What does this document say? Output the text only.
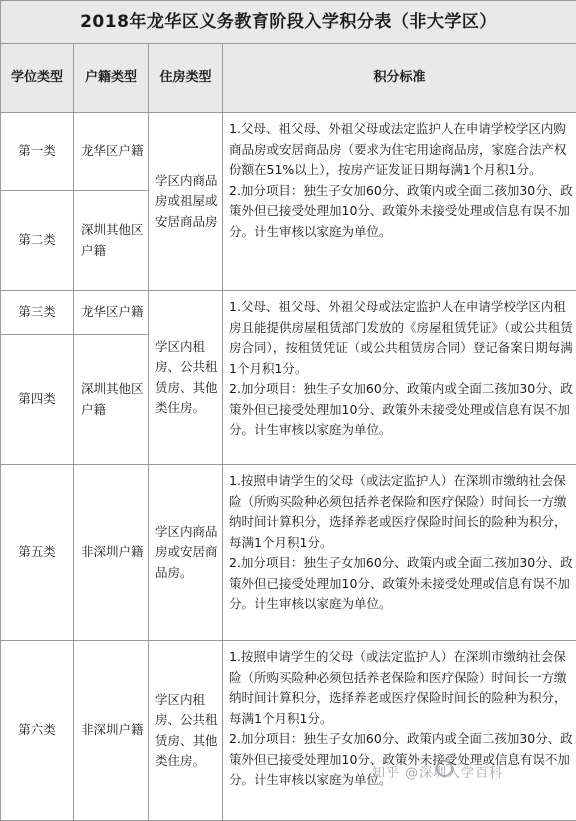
2018年龙华区义务教育阶段入学积分表（非大学区）			
学位类型	户籍类型	住房类型	积分标准
第一类	龙华区户籍	学区内商品房或祖屋或安居商品房	1.父母、祖父母、外祖父母或法定监护人在申请学校学区内购商品房或安居商品房（要求为住宅用途商品房，家庭合法产权份额在51%以上），按房产证发证日期每满1个月积1分。

2.加分项目：独生子女加60分、政策内或全面二孩加30分、政策外但已接受处理加10分、政策外未接受处理或信息有误不加分。计生审核以家庭为单位。

第二类	深圳其他区户籍		
第三类	龙华区户籍	学区内租房、公共租赁房、其他类住房。	1.父母、祖父母、外祖父母或法定监护人在申请学校学区内租房且能提供房屋租赁部门发放的《房屋租赁凭证》（或公共租赁房合同），按租赁凭证（或公共租赁房合同）登记备案日期每满1个月积1分。

2.加分项目：独生子女加60分、政策内或全面二孩加30分、政策外但已接受处理加10分、政策外未接受处理或信息有误不加分。计生审核以家庭为单位。

第四类	深圳其他区户籍		
第五类	非深圳户籍	学区内商品房或安居商品房。	1.按照申请学生的父母（或法定监护人）在深圳市缴纳社会保险（所购买险种必须包括养老保险和医疗保险）时间长一方缴纳时间计算积分，选择养老或医疗保险时间长的险种为积分，每满1个月积1分。

2.加分项目：独生子女加60分、政策内或全面二孩加30分、政策外但已接受处理加10分、政策外未接受处理或信息有误不加分。计生审核以家庭为单位。

第六类	非深圳户籍	学区内租房、公共租赁房、其他类住房。	1.按照申请学生的父母（或法定监护人）在深圳市缴纳社会保险（所购买险种必须包括养老保险和医疗保险）时间长一方缴纳时间计算积分，选择养老或医疗保险时间长的险种为积分，每满1个月积1分。

2.加分项目：独生子女加60分、政策内或全面二孩加30分、政策外但已接受处理加10分、政策外未接受处理或信息有误不加分。计生审核以家庭为单位。

知乎 @深圳入学百科
